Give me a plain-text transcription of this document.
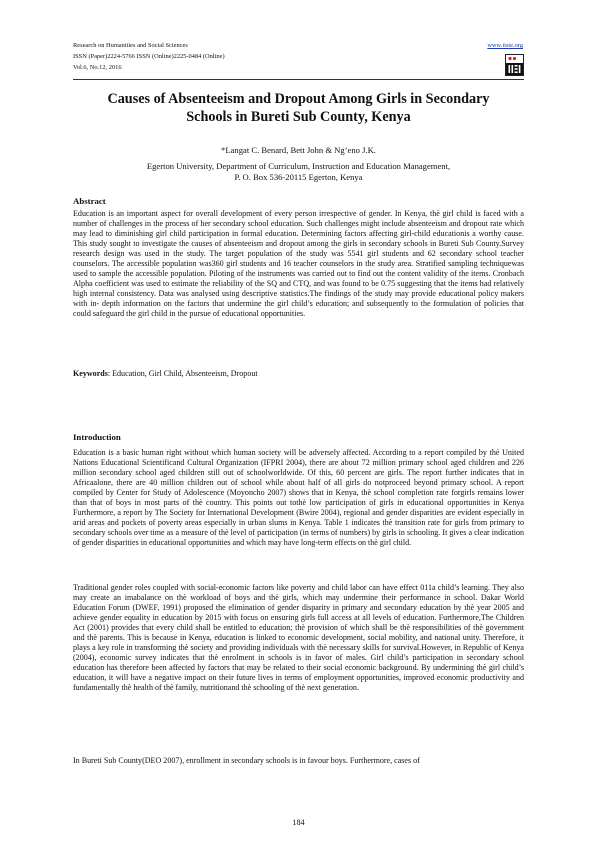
Research on Humanities and Social Sciences
ISSN (Paper)2224-5766 ISSN (Online)2225-0484 (Online)
Vol.6, No.12, 2016
www.iiste.org
Causes of Absenteeism and Dropout Among Girls in Secondary
Schools in Bureti Sub County, Kenya
*Langat C. Benard, Bett John & Ng’eno J.K.
Egerton University, Department of Curriculum, Instruction and Education Management,
P. O. Box 536-20115 Egerton, Kenya
Abstract

Education is an important aspect for overall development of every person irrespective of gender. In Kenya, thè girl child is faced with a number of challenges in the process of her secondary school education. Such challenges might include absenteeism and dropout rate which may lead to diminishing girl child participation in formal education. Determining factors affecting girl-child educationis a worthy cause. This study sought to investigate the causes of absenteeism and dropout among the girls in secondary schools in Bureti Sub County.Survey research design was used in the study. The target population of the study was 5541 girl students and 62 secondary school teacher counselors. The accessible population was360 girl students and 16 teacher counselors in the study area. Stratified sampling techniquewas used to sample the accessible population. Piloting of the instruments was carried out to find out the content validity of the items. Cronbach Alpha coefficient was used to estimate the reliability of the SQ and CTQ, and was found to be 0.75 suggesting that the items had relatively high internal consistency. Data was analysed using descriptive statistics.The findings of the study may provide educational policy makers with in- depth information on the factors that undermine the girl child’s education; and subsequently to the formulation of policies that could safeguard the girl child in the pursue of educational opportunities.

Keywords: Education, Girl Child, Absenteeism, Dropout
Introduction

Education is a basic human right without which human society will be adversely affected. According to a report compiled by thè United Nations Educational Scientificand Cultural Organization (IFPRI 2004), there are about 72 million primary school aged children and 226 million secondary school aged children still out of schoolworldwide. Of this, 60 percent are girls. The report further indicates that in Africaalone, there are 40 million children out of school while about half of all girls do notproceed beyond primary school. A report compiled by Center for Study of Adolescence (Moyoncho 2007) shows that in Kenya, thè school completion rate forgirls remains lower than that of boys in most parts of thè country. This points out tothè low participation of girls in educational opportunities in Kenya Furthermore, a report by The Society for International Development (Bwire 2004), regional and gender disparities are evident especially in arid areas and pockets of poverty areas especially in urban slums in Kenya. Table 1 indicates thè transition rate for girls from primary to secondary schools over time as a measure of thè level of participation (in terms of numbers) by girls in schooling. It gives a clear indication of gender disparities in educational opportunities and which may have long-term effects on thè girl child.

Traditional gender roles coupled with social-economic factors like poverty and child labor can have effect 011a child’s learning. They also may create an imabalance on thè workload of boys and thè girls, which may undermine their performance in school. Dakar World Education Forum (DWEF, 1991) proposed the elimination of gender disparity in primary and secondary education by thè year 2005 and achieve gender equality in education by 2015 with focus on ensuring girls full access at all levels of education. Furthermore,The Children Act (2001) provides that every child shall be entitled to education; thè provision of which shall be thè responsibilities of thè government and thè parents. This is because in Kenya, education is linked to economic development, social mobility, and national unity. Therefore, it plays a key role in transforming thè society and providing individuals with thè necessary skills for survival.However, in Republic of Kenya (2004), economic survey indicates that thè enrolment in schools is in favor of males. Girl child’s participation in secondary school education has therefore been affected by factors that may be related to their social economic background. By undermining thè girl child’s education, it will have a negative impact on their future lives in terms of employment opportunities, improved economic productivity and fundamentally thè health of thè family, nutritionand thè schooling of thè next generation.

In Bureti Sub County(DEO 2007), enrollment in secondary schools is in favour boys. Furthermore, cases of

184
